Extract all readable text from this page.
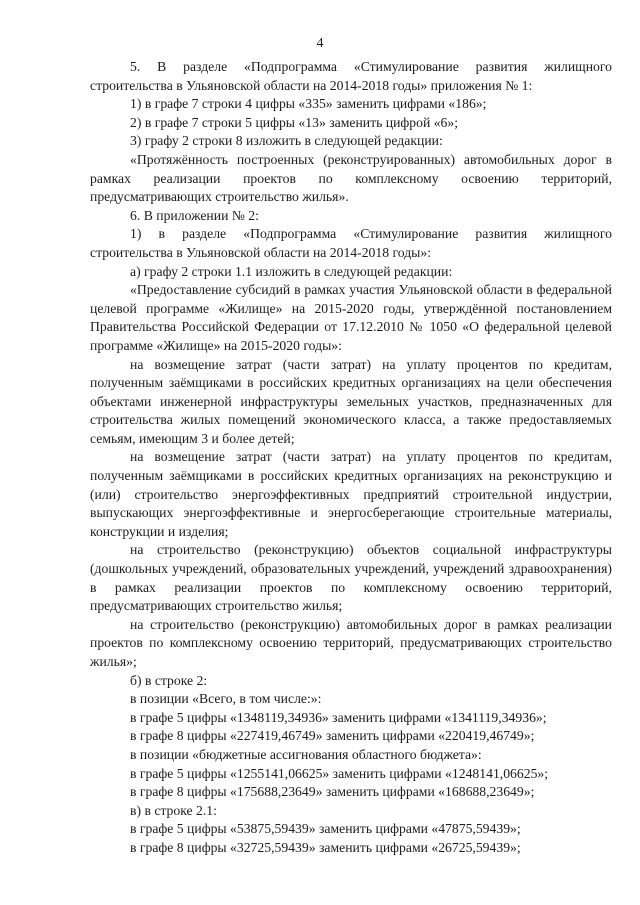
4

5. В разделе «Подпрограмма «Стимулирование развития жилищного строительства в Ульяновской области на 2014-2018 годы» приложения № 1:

1) в графе 7 строки 4 цифры «335» заменить цифрами «186»;

2) в графе 7 строки 5 цифры «13» заменить цифрой «6»;

3) графу 2 строки 8 изложить в следующей редакции:

«Протяжённость построенных (реконструированных) автомобильных дорог в рамках реализации проектов по комплексному освоению территорий, предусматривающих строительство жилья».

6. В приложении № 2:

1) в разделе «Подпрограмма «Стимулирование развития жилищного строительства в Ульяновской области на 2014-2018 годы»:

а) графу 2 строки 1.1 изложить в следующей редакции:

«Предоставление субсидий в рамках участия Ульяновской области в федеральной целевой программе «Жилище» на 2015-2020 годы, утверждённой постановлением Правительства Российской Федерации от 17.12.2010 № 1050 «О федеральной целевой программе «Жилище» на 2015-2020 годы»:

на возмещение затрат (части затрат) на уплату процентов по кредитам, полученным заёмщиками в российских кредитных организациях на цели обеспечения объектами инженерной инфраструктуры земельных участков, предназначенных для строительства жилых помещений экономического класса, а также предоставляемых семьям, имеющим 3 и более детей;

на возмещение затрат (части затрат) на уплату процентов по кредитам, полученным заёмщиками в российских кредитных организациях на реконструкцию и (или) строительство энергоэффективных предприятий строительной индустрии, выпускающих энергоэффективные и энергосберегающие строительные материалы, конструкции и изделия;

на строительство (реконструкцию) объектов социальной инфраструктуры (дошкольных учреждений, образовательных учреждений, учреждений здравоохранения) в рамках реализации проектов по комплексному освоению территорий, предусматривающих строительство жилья;

на строительство (реконструкцию) автомобильных дорог в рамках реализации проектов по комплексному освоению территорий, предусматривающих строительство жилья»;

б) в строке 2:

в позиции «Всего, в том числе:»:

в графе 5 цифры «1348119,34936» заменить цифрами «1341119,34936»;

в графе 8 цифры «227419,46749» заменить цифрами «220419,46749»;

в позиции «бюджетные ассигнования областного бюджета»:

в графе 5 цифры «1255141,06625» заменить цифрами «1248141,06625»;

в графе 8 цифры «175688,23649» заменить цифрами «168688,23649»;

в) в строке 2.1:

в графе 5 цифры «53875,59439» заменить цифрами «47875,59439»;

в графе 8 цифры «32725,59439» заменить цифрами «26725,59439»;
